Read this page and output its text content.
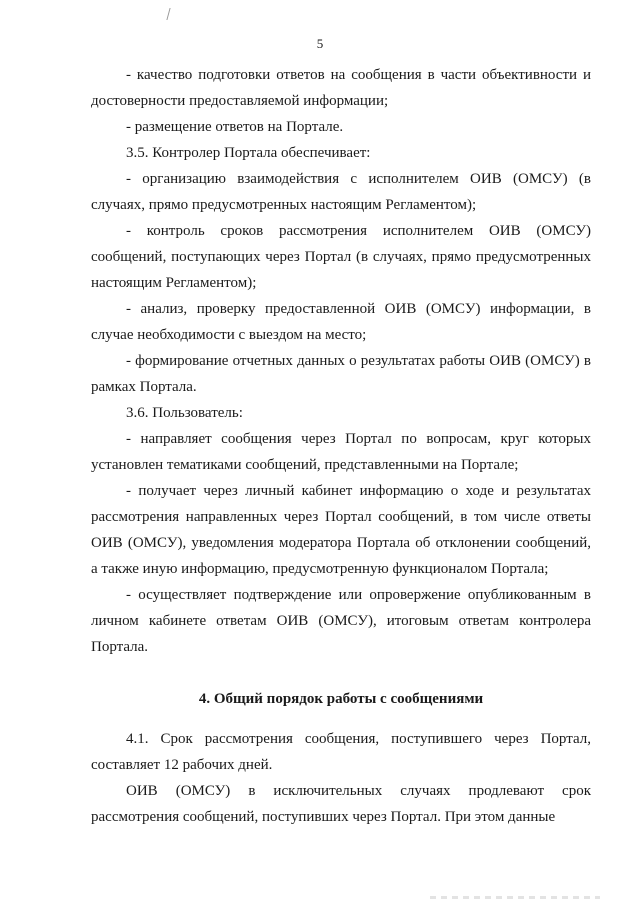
5

- качество подготовки ответов на сообщения в части объективности и достоверности предоставляемой информации;

- размещение ответов на Портале.

3.5. Контролер Портала обеспечивает:

- организацию взаимодействия с исполнителем ОИВ (ОМСУ) (в случаях, прямо предусмотренных настоящим Регламентом);

- контроль сроков рассмотрения исполнителем ОИВ (ОМСУ) сообщений, поступающих через Портал (в случаях, прямо предусмотренных настоящим Регламентом);

- анализ, проверку предоставленной ОИВ (ОМСУ) информации, в случае необходимости с выездом на место;

- формирование отчетных данных о результатах работы ОИВ (ОМСУ) в рамках Портала.

3.6. Пользователь:

- направляет сообщения через Портал по вопросам, круг которых установлен тематиками сообщений, представленными на Портале;

- получает через личный кабинет информацию о ходе и результатах рассмотрения направленных через Портал сообщений, в том числе ответы ОИВ (ОМСУ), уведомления модератора Портала об отклонении сообщений, а также иную информацию, предусмотренную функционалом Портала;

- осуществляет подтверждение или опровержение опубликованным в личном кабинете ответам ОИВ (ОМСУ), итоговым ответам контролера Портала.

4. Общий порядок работы с сообщениями

4.1. Срок рассмотрения сообщения, поступившего через Портал, составляет 12 рабочих дней.

ОИВ (ОМСУ) в исключительных случаях продлевают срок рассмотрения сообщений, поступивших через Портал. При этом данные
